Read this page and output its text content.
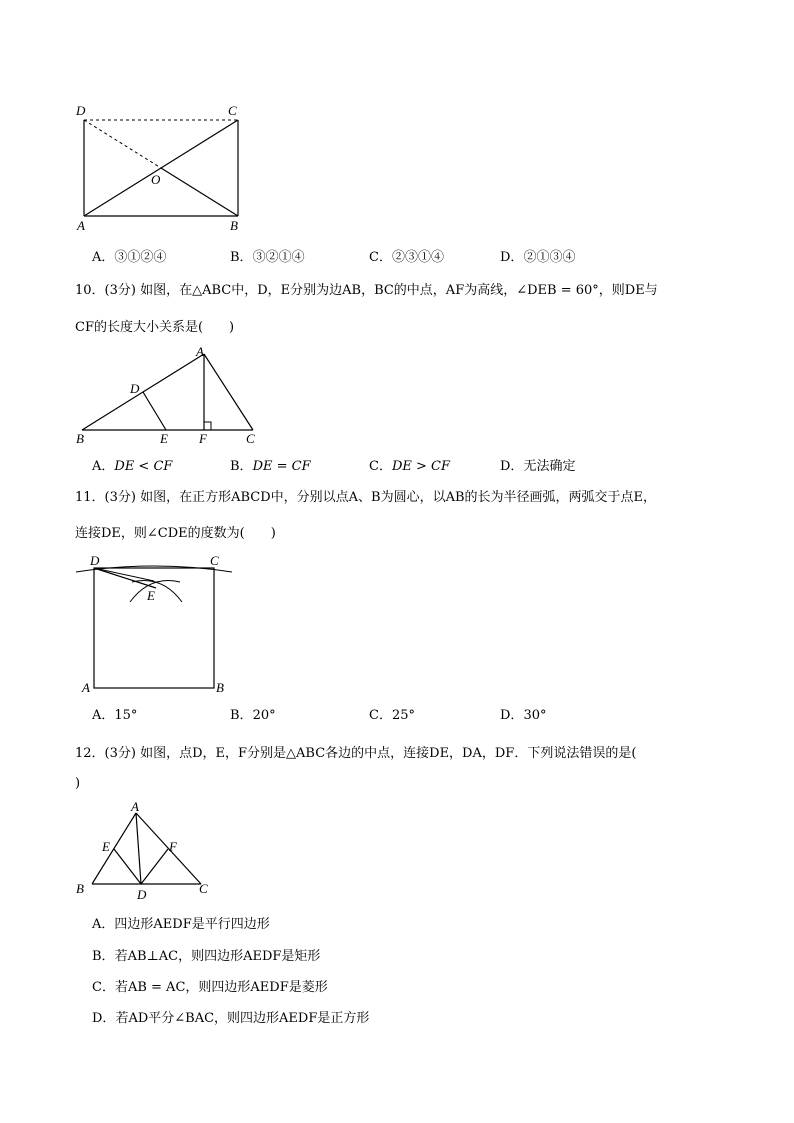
D	C
O
A	B
A．③①②④	B．③②①④	C．②③①④	D．②①③④
10．(3分) 如图，在△ABC中，D，E分别为边AB，BC的中点，AF为高线，∠DEB = 60°，则DE与
CF的长度大小关系是(　　)
A
D
B	E F	C
A．DE < CF	B．DE = CF	C．DE > CF	D．无法确定
11．(3分) 如图，在正方形ABCD中，分别以点A、B为圆心，以AB的长为半径画弧，两弧交于点E，
连接DE，则∠CDE的度数为(　　)
D	C
E
A	B
A．15°	B．20°	C．25°	D．30°
12．(3分) 如图，点D，E，F分别是△ABC各边的中点，连接DE，DA，DF．下列说法错误的是(
)
A
E	F
B	D	C
A．四边形AEDF是平行四边形
B．若AB⊥AC，则四边形AEDF是矩形
C．若AB = AC，则四边形AEDF是菱形
D．若AD平分∠BAC，则四边形AEDF是正方形
